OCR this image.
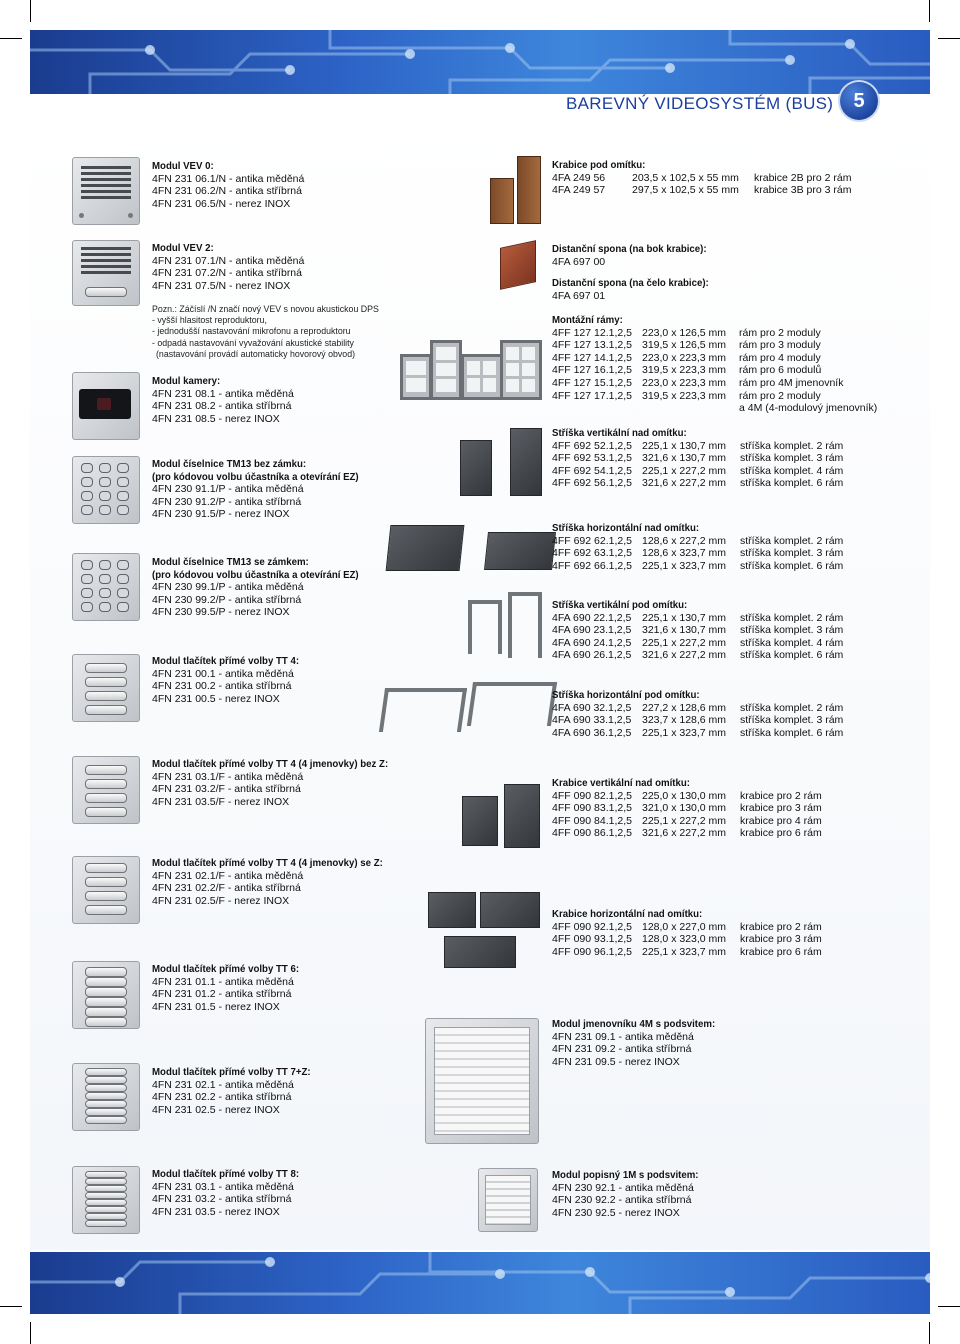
BAREVNÝ VIDEOSYSTÉM (BUS)	5
Modul VEV 0:
4FN 231 06.1/N - antika měděná
4FN 231 06.2/N - antika stříbrná
4FN 231 06.5/N - nerez INOX
Modul VEV 2:
4FN 231 07.1/N - antika měděná
4FN 231 07.2/N - antika stříbrná
4FN 231 07.5/N - nerez INOX
Pozn.: Záčíslí /N značí nový VEV s novou akustickou DPS
- vyšší hlasitost reproduktoru,
- jednodušší nastavování mikrofonu a reproduktoru
- odpadá nastavování vyvažování akustické stability
(nastavování provádí automaticky hovorový obvod)
Modul kamery:
4FN 231 08.1 - antika měděná
4FN 231 08.2 - antika stříbrná
4FN 231 08.5 - nerez INOX
Modul číselnice TM13 bez zámku:
(pro kódovou volbu účastníka a otevírání EZ)
4FN 230 91.1/P - antika měděná
4FN 230 91.2/P - antika stříbrná
4FN 230 91.5/P - nerez INOX
Modul číselnice TM13 se zámkem:
(pro kódovou volbu účastníka a otevírání EZ)
4FN 230 99.1/P - antika měděná
4FN 230 99.2/P - antika stříbrná
4FN 230 99.5/P - nerez INOX
Modul tlačítek přímé volby TT 4:
4FN 231 00.1 - antika měděná
4FN 231 00.2 - antika stříbrná
4FN 231 00.5 - nerez INOX
Modul tlačítek přímé volby TT 4 (4 jmenovky) bez Z:
4FN 231 03.1/F - antika měděná
4FN 231 03.2/F - antika stříbrná
4FN 231 03.5/F - nerez INOX
Modul tlačítek přímé volby TT 4 (4 jmenovky) se Z:
4FN 231 02.1/F - antika měděná
4FN 231 02.2/F - antika stříbrná
4FN 231 02.5/F - nerez INOX
Modul tlačítek přímé volby TT 6:
4FN 231 01.1 - antika měděná
4FN 231 01.2 - antika stříbrná
4FN 231 01.5 - nerez INOX
Modul tlačítek přímé volby TT 7+Z:
4FN 231 02.1 - antika měděná
4FN 231 02.2 - antika stříbrná
4FN 231 02.5 - nerez INOX
Modul tlačítek přímé volby TT 8:
4FN 231 03.1 - antika měděná
4FN 231 03.2 - antika stříbrná
4FN 231 03.5 - nerez INOX
Krabice pod omítku:
4FA 249 56	203,5 x 102,5 x 55 mm krabice 2B pro 2 rám
4FA 249 57	297,5 x 102,5 x 55 mm krabice 3B pro 3 rám
Distanční spona (na bok krabice):
4FA 697 00
Distanční spona (na čelo krabice):
4FA 697 01
Montážní rámy:
4FF 127 12.1,2,5 223,0 x 126,5 mm rám pro 2 moduly
4FF 127 13.1,2,5 319,5 x 126,5 mm rám pro 3 moduly
4FF 127 14.1,2,5 223,0 x 223,3 mm rám pro 4 moduly
4FF 127 16.1,2,5 319,5 x 223,3 mm rám pro 6 modulů
4FF 127 15.1,2,5 223,0 x 223,3 mm rám pro 4M jmenovník
4FF 127 17.1,2,5 319,5 x 223,3 mm rám pro 2 moduly
a 4M (4-modulový jmenovník)
Stříška vertikální nad omítku:
4FF 692 52.1,2,5 225,1 x 130,7 mm stříška komplet. 2 rám
4FF 692 53.1,2,5 321,6 x 130,7 mm stříška komplet. 3 rám
4FF 692 54.1,2,5 225,1 x 227,2 mm stříška komplet. 4 rám
4FF 692 56.1,2,5 321,6 x 227,2 mm stříška komplet. 6 rám
Stříška horizontální nad omítku:
4FF 692 62.1,2,5 128,6 x 227,2 mm stříška komplet. 2 rám
4FF 692 63.1,2,5 128,6 x 323,7 mm stříška komplet. 3 rám
4FF 692 66.1,2,5 225,1 x 323,7 mm stříška komplet. 6 rám
Stříška vertikální pod omítku:
4FA 690 22.1,2,5 225,1 x 130,7 mm stříška komplet. 2 rám
4FA 690 23.1,2,5 321,6 x 130,7 mm stříška komplet. 3 rám
4FA 690 24.1,2,5 225,1 x 227,2 mm stříška komplet. 4 rám
4FA 690 26.1,2,5 321,6 x 227,2 mm stříška komplet. 6 rám
Stříška horizontální pod omítku:
4FA 690 32.1,2,5 227,2 x 128,6 mm stříška komplet. 2 rám
4FA 690 33.1,2,5 323,7 x 128,6 mm stříška komplet. 3 rám
4FA 690 36.1,2,5 225,1 x 323,7 mm stříška komplet. 6 rám
Krabice vertikální nad omítku:
4FF 090 82.1,2,5 225,0 x 130,0 mm krabice pro 2 rám
4FF 090 83.1,2,5 321,0 x 130,0 mm krabice pro 3 rám
4FF 090 84.1,2,5 225,1 x 227,2 mm krabice pro 4 rám
4FF 090 86.1,2,5 321,6 x 227,2 mm krabice pro 6 rám
Krabice horizontální nad omítku:
4FF 090 92.1,2,5 128,0 x 227,0 mm krabice pro 2 rám
4FF 090 93.1,2,5 128,0 x 323,0 mm krabice pro 3 rám
4FF 090 96.1,2,5 225,1 x 323,7 mm krabice pro 6 rám
Modul jmenovníku 4M s podsvitem:
4FN 231 09.1 - antika měděná
4FN 231 09.2 - antika stříbrná
4FN 231 09.5 - nerez INOX
Modul popisný 1M s podsvitem:
4FN 230 92.1 - antika měděná
4FN 230 92.2 - antika stříbrná
4FN 230 92.5 - nerez INOX
